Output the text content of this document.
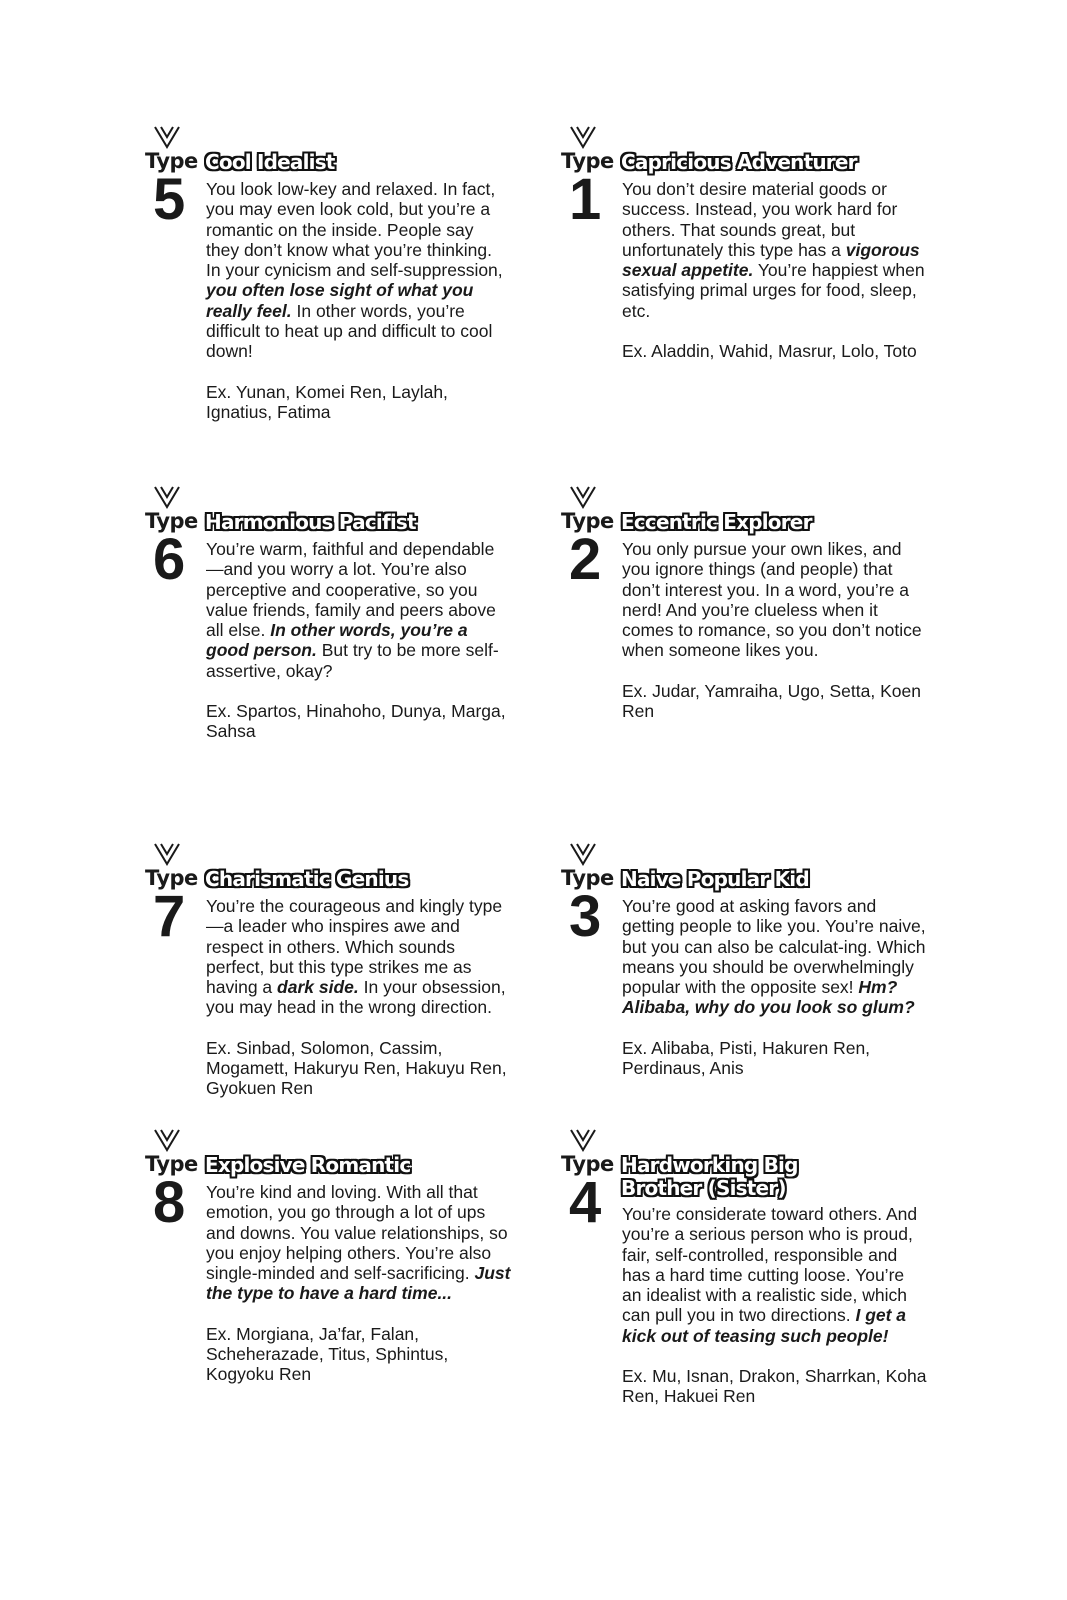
Type
5
Cool Idealist

You look low-key and relaxed. In fact, you may even look cold, but you’re a romantic on the inside. People say they don’t know what you’re thinking. In your cynicism and self-suppression, you often lose sight of what you really feel. In other words, you’re difficult to heat up and difficult to cool down!

Ex. Yunan, Komei Ren, Laylah, Ignatius, Fatima

Type
1
Capricious Adventurer

You don’t desire material goods or success. Instead, you work hard for others. That sounds great, but unfortunately this type has a vigorous sexual appetite. You’re happiest when satisfying primal urges for food, sleep, etc.

Ex. Aladdin, Wahid, Masrur, Lolo, Toto

Type
6
Harmonious Pacifist

You’re warm, faithful and dependable—and you worry a lot. You’re also perceptive and cooperative, so you value friends, family and peers above all else. In other words, you’re a good person. But try to be more self-assertive, okay?

Ex. Spartos, Hinahoho, Dunya, Marga, Sahsa

Type
2
Eccentric Explorer

You only pursue your own likes, and you ignore things (and people) that don’t interest you. In a word, you’re a nerd! And you’re clueless when it comes to romance, so you don’t notice when someone likes you.

Ex. Judar, Yamraiha, Ugo, Setta, Koen Ren

Type
7
Charismatic Genius

You’re the courageous and kingly type—a leader who inspires awe and respect in others. Which sounds perfect, but this type strikes me as having a dark side. In your obsession, you may head in the wrong direction.

Ex. Sinbad, Solomon, Cassim, Mogamett, Hakuryu Ren, Hakuyu Ren, Gyokuen Ren

Type
3
Naive Popular Kid

You’re good at asking favors and getting people to like you. You’re naive, but you can also be calculat-ing. Which means you should be overwhelmingly popular with the opposite sex! Hm? Alibaba, why do you look so glum?

Ex. Alibaba, Pisti, Hakuren Ren, Perdinaus, Anis

Type
8
Explosive Romantic

You’re kind and loving. With all that emotion, you go through a lot of ups and downs. You value relationships, so you enjoy helping others. You’re also single-minded and self-sacrificing. Just the type to have a hard time...

Ex. Morgiana, Ja’far, Falan, Scheherazade, Titus, Sphintus, Kogyoku Ren

Type
4
Hardworking Big Brother (Sister)

You’re considerate toward others. And you’re a serious person who is proud, fair, self-controlled, responsible and has a hard time cutting loose. You’re an idealist with a realistic side, which can pull you in two directions. I get a kick out of teasing such people!

Ex. Mu, Isnan, Drakon, Sharrkan, Koha Ren, Hakuei Ren
